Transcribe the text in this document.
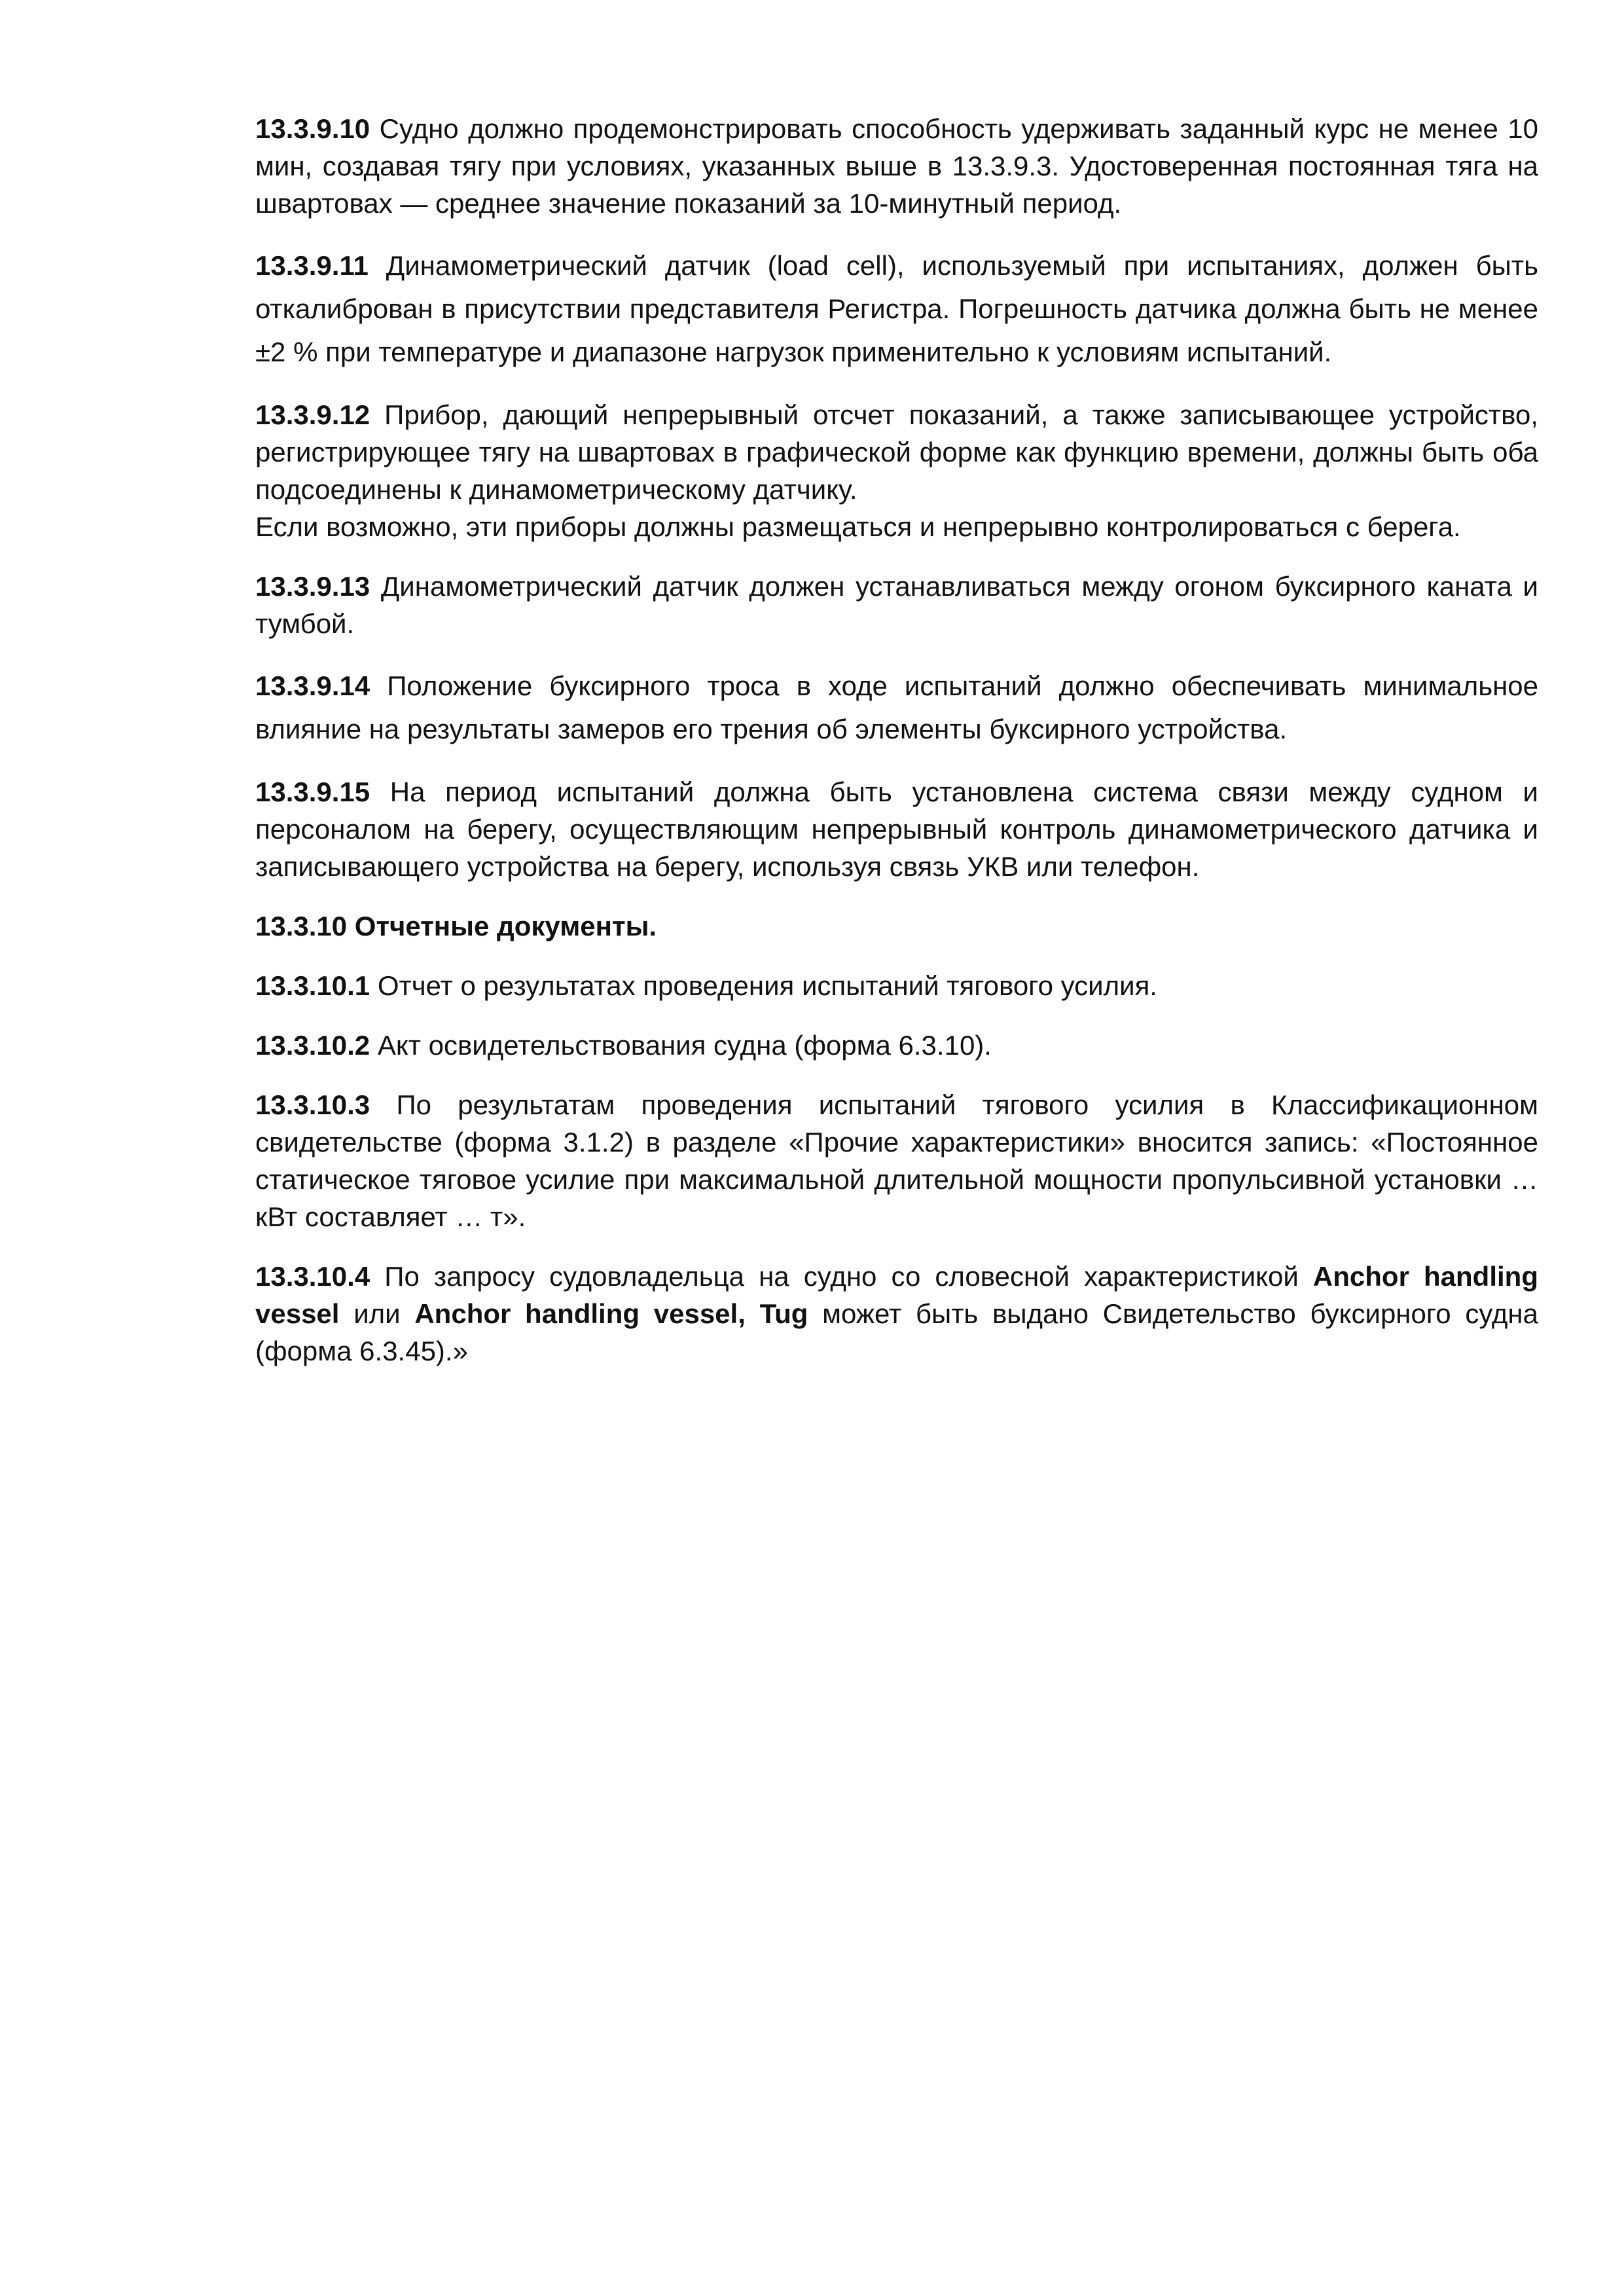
13.3.9.10 Судно должно продемонстрировать способность удерживать заданный курс не менее 10 мин, создавая тягу при условиях, указанных выше в 13.3.9.3. Удостоверенная постоянная тяга на швартовах — среднее значение показаний за 10-минутный период.

13.3.9.11 Динамометрический датчик (load cell), используемый при испытаниях, должен быть откалиброван в присутствии представителя Регистра. Погрешность датчика должна быть не менее ±2 % при температуре и диапазоне нагрузок применительно к условиям испытаний.

13.3.9.12 Прибор, дающий непрерывный отсчет показаний, а также записывающее устройство, регистрирующее тягу на швартовах в графической форме как функцию времени, должны быть оба подсоединены к динамометрическому датчику.

Если возможно, эти приборы должны размещаться и непрерывно контролироваться с берега.

13.3.9.13 Динамометрический датчик должен устанавливаться между огоном буксирного каната и тумбой.

13.3.9.14 Положение буксирного троса в ходе испытаний должно обеспечивать минимальное влияние на результаты замеров его трения об элементы буксирного устройства.

13.3.9.15 На период испытаний должна быть установлена система связи между судном и персоналом на берегу, осуществляющим непрерывный контроль динамометрического датчика и записывающего устройства на берегу, используя связь УКВ или телефон.

13.3.10 Отчетные документы.

13.3.10.1 Отчет о результатах проведения испытаний тягового усилия.

13.3.10.2 Акт освидетельствования судна (форма 6.3.10).

13.3.10.3 По результатам проведения испытаний тягового усилия в Классификационном свидетельстве (форма 3.1.2) в разделе «Прочие характеристики» вносится запись: «Постоянное статическое тяговое усилие при максимальной длительной мощности пропульсивной установки … кВт составляет … т».

13.3.10.4 По запросу судовладельца на судно со словесной характеристикой Anchor handling vessel или Anchor handling vessel, Tug может быть выдано Свидетельство буксирного судна (форма 6.3.45).»
